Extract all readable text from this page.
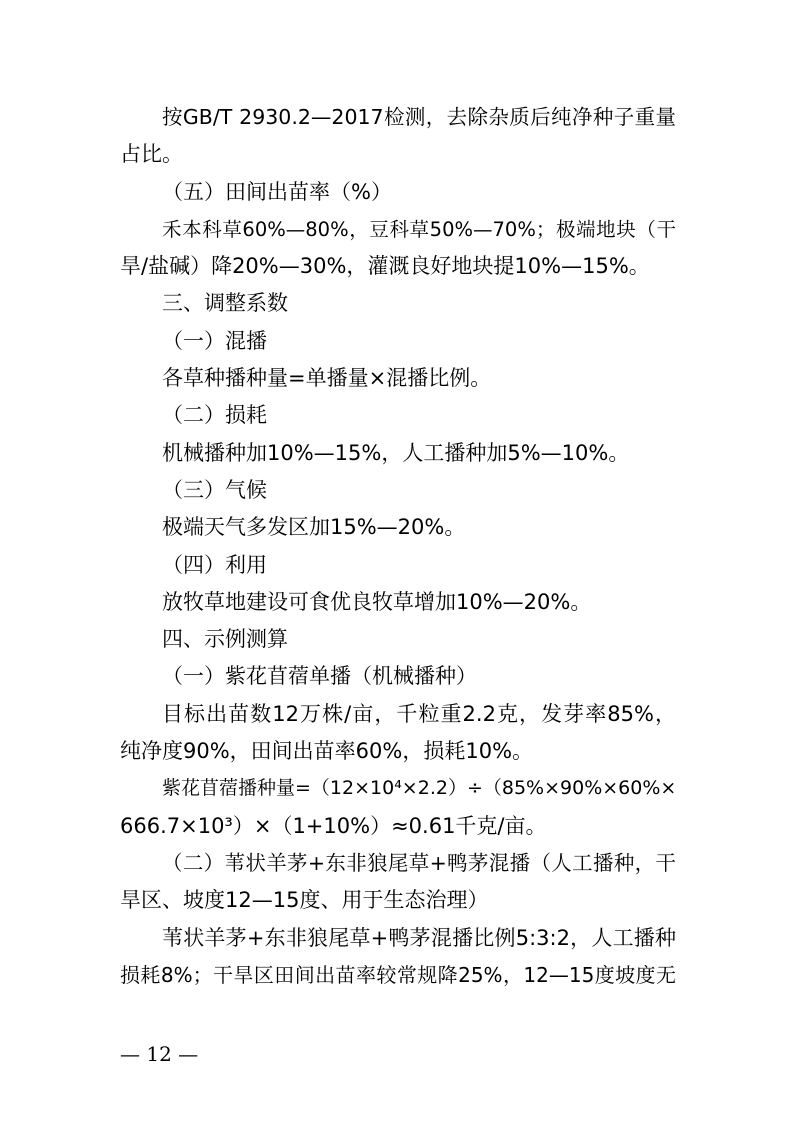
按GB/T 2930.2—2017检测，去除杂质后纯净种子重量
占比。
（五）田间出苗率（%）
禾本科草60%—80%，豆科草50%—70%；极端地块（干
旱/盐碱）降20%—30%，灌溉良好地块提10%—15%。
三、调整系数
（一）混播
各草种播种量=单播量×混播比例。
（二）损耗
机械播种加10%—15%，人工播种加5%—10%。
（三）气候
极端天气多发区加15%—20%。
（四）利用
放牧草地建设可食优良牧草增加10%—20%。
四、示例测算
（一）紫花苜蓿单播（机械播种）
目标出苗数12万株/亩，千粒重2.2克，发芽率85%，
纯净度90%，田间出苗率60%，损耗10%。
紫花苜蓿播种量=（12×10⁴×2.2）÷（85%×90%×60%×
666.7×10³）×（1+10%）≈0.61千克/亩。
（二）苇状羊茅+东非狼尾草+鸭茅混播（人工播种，干
旱区、坡度12—15度、用于生态治理）
苇状羊茅+东非狼尾草+鸭茅混播比例5:3:2，人工播种
损耗8%；干旱区田间出苗率较常规降25%，12—15度坡度无
— 12 —
